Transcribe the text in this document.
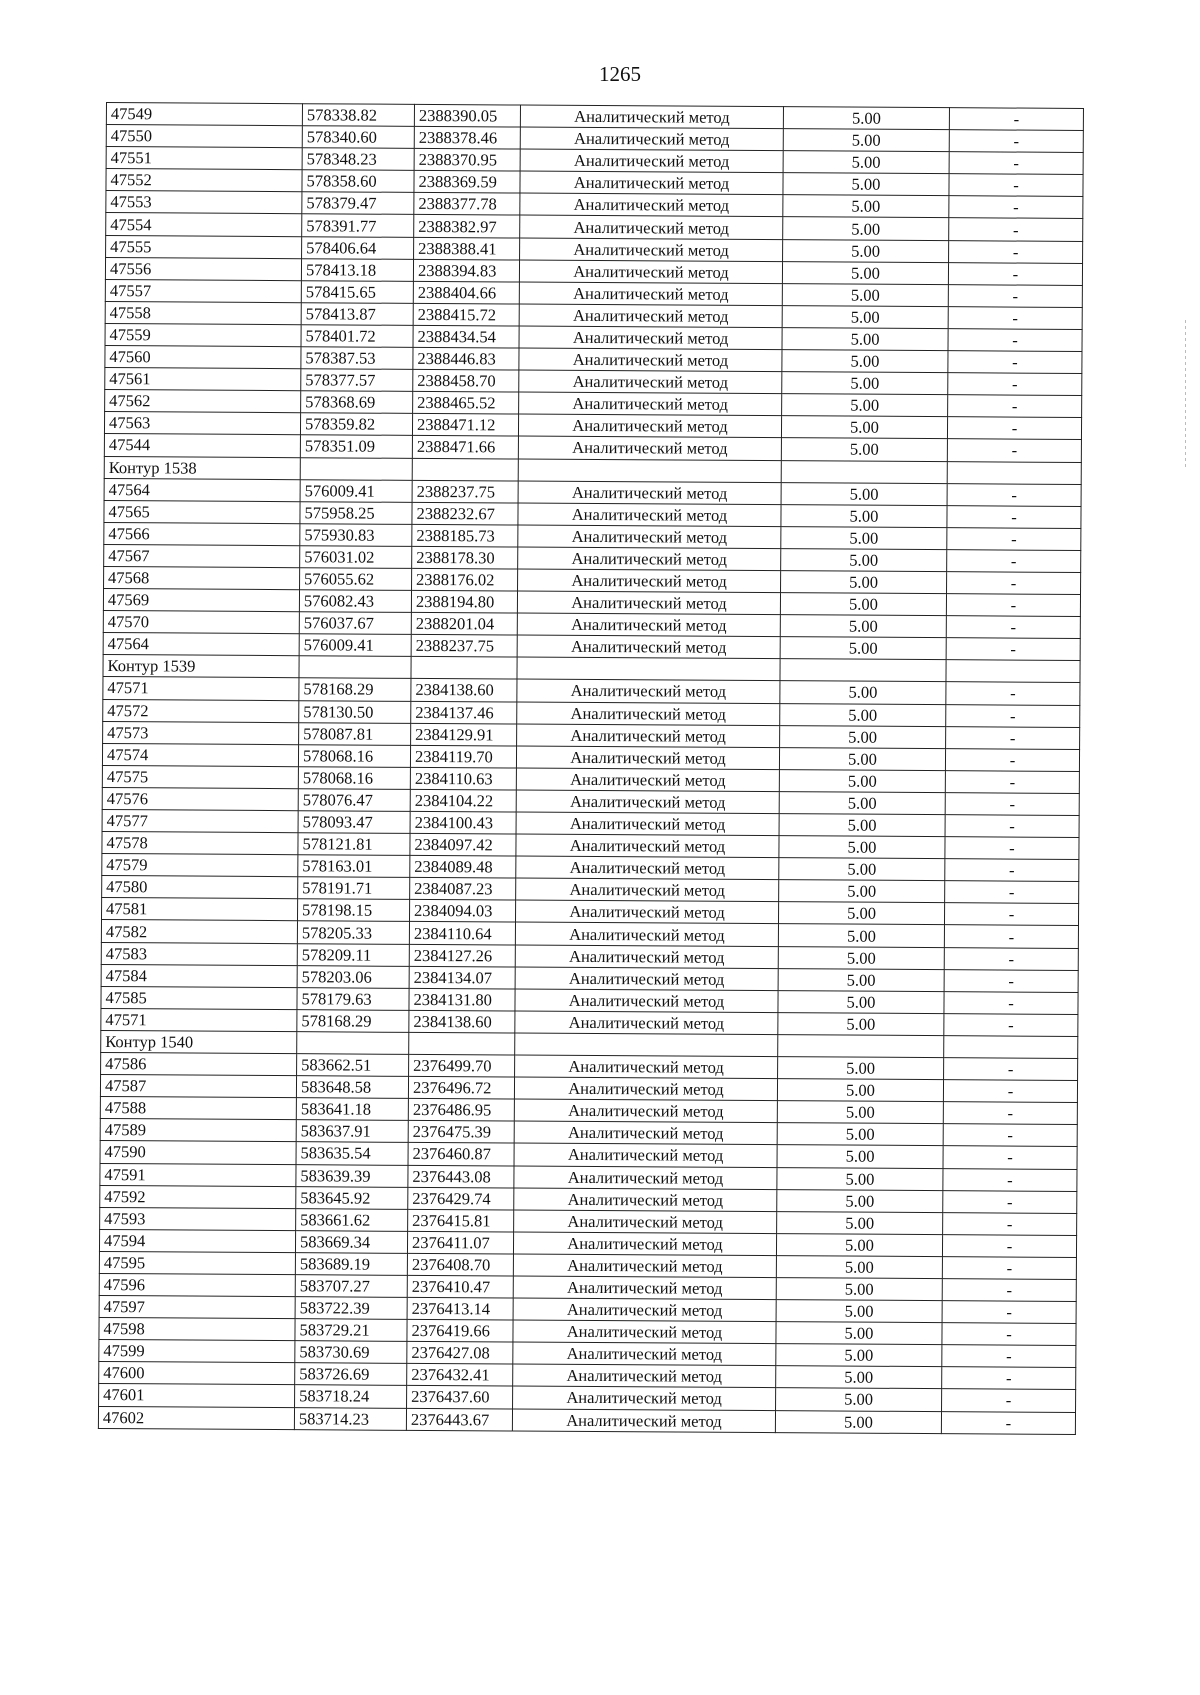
1265
47549	578338.82	2388390.05	Аналитический метод	5.00	-
47550	578340.60	2388378.46	Аналитический метод	5.00	-
47551	578348.23	2388370.95	Аналитический метод	5.00	-
47552	578358.60	2388369.59	Аналитический метод	5.00	-
47553	578379.47	2388377.78	Аналитический метод	5.00	-
47554	578391.77	2388382.97	Аналитический метод	5.00	-
47555	578406.64	2388388.41	Аналитический метод	5.00	-
47556	578413.18	2388394.83	Аналитический метод	5.00	-
47557	578415.65	2388404.66	Аналитический метод	5.00	-
47558	578413.87	2388415.72	Аналитический метод	5.00	-
47559	578401.72	2388434.54	Аналитический метод	5.00	-
47560	578387.53	2388446.83	Аналитический метод	5.00	-
47561	578377.57	2388458.70	Аналитический метод	5.00	-
47562	578368.69	2388465.52	Аналитический метод	5.00	-
47563	578359.82	2388471.12	Аналитический метод	5.00	-
47544	578351.09	2388471.66	Аналитический метод	5.00	-
Контур 1538					
47564	576009.41	2388237.75	Аналитический метод	5.00	-
47565	575958.25	2388232.67	Аналитический метод	5.00	-
47566	575930.83	2388185.73	Аналитический метод	5.00	-
47567	576031.02	2388178.30	Аналитический метод	5.00	-
47568	576055.62	2388176.02	Аналитический метод	5.00	-
47569	576082.43	2388194.80	Аналитический метод	5.00	-
47570	576037.67	2388201.04	Аналитический метод	5.00	-
47564	576009.41	2388237.75	Аналитический метод	5.00	-
Контур 1539					
47571	578168.29	2384138.60	Аналитический метод	5.00	-
47572	578130.50	2384137.46	Аналитический метод	5.00	-
47573	578087.81	2384129.91	Аналитический метод	5.00	-
47574	578068.16	2384119.70	Аналитический метод	5.00	-
47575	578068.16	2384110.63	Аналитический метод	5.00	-
47576	578076.47	2384104.22	Аналитический метод	5.00	-
47577	578093.47	2384100.43	Аналитический метод	5.00	-
47578	578121.81	2384097.42	Аналитический метод	5.00	-
47579	578163.01	2384089.48	Аналитический метод	5.00	-
47580	578191.71	2384087.23	Аналитический метод	5.00	-
47581	578198.15	2384094.03	Аналитический метод	5.00	-
47582	578205.33	2384110.64	Аналитический метод	5.00	-
47583	578209.11	2384127.26	Аналитический метод	5.00	-
47584	578203.06	2384134.07	Аналитический метод	5.00	-
47585	578179.63	2384131.80	Аналитический метод	5.00	-
47571	578168.29	2384138.60	Аналитический метод	5.00	-
Контур 1540					
47586	583662.51	2376499.70	Аналитический метод	5.00	-
47587	583648.58	2376496.72	Аналитический метод	5.00	-
47588	583641.18	2376486.95	Аналитический метод	5.00	-
47589	583637.91	2376475.39	Аналитический метод	5.00	-
47590	583635.54	2376460.87	Аналитический метод	5.00	-
47591	583639.39	2376443.08	Аналитический метод	5.00	-
47592	583645.92	2376429.74	Аналитический метод	5.00	-
47593	583661.62	2376415.81	Аналитический метод	5.00	-
47594	583669.34	2376411.07	Аналитический метод	5.00	-
47595	583689.19	2376408.70	Аналитический метод	5.00	-
47596	583707.27	2376410.47	Аналитический метод	5.00	-
47597	583722.39	2376413.14	Аналитический метод	5.00	-
47598	583729.21	2376419.66	Аналитический метод	5.00	-
47599	583730.69	2376427.08	Аналитический метод	5.00	-
47600	583726.69	2376432.41	Аналитический метод	5.00	-
47601	583718.24	2376437.60	Аналитический метод	5.00	-
47602	583714.23	2376443.67	Аналитический метод	5.00	-
